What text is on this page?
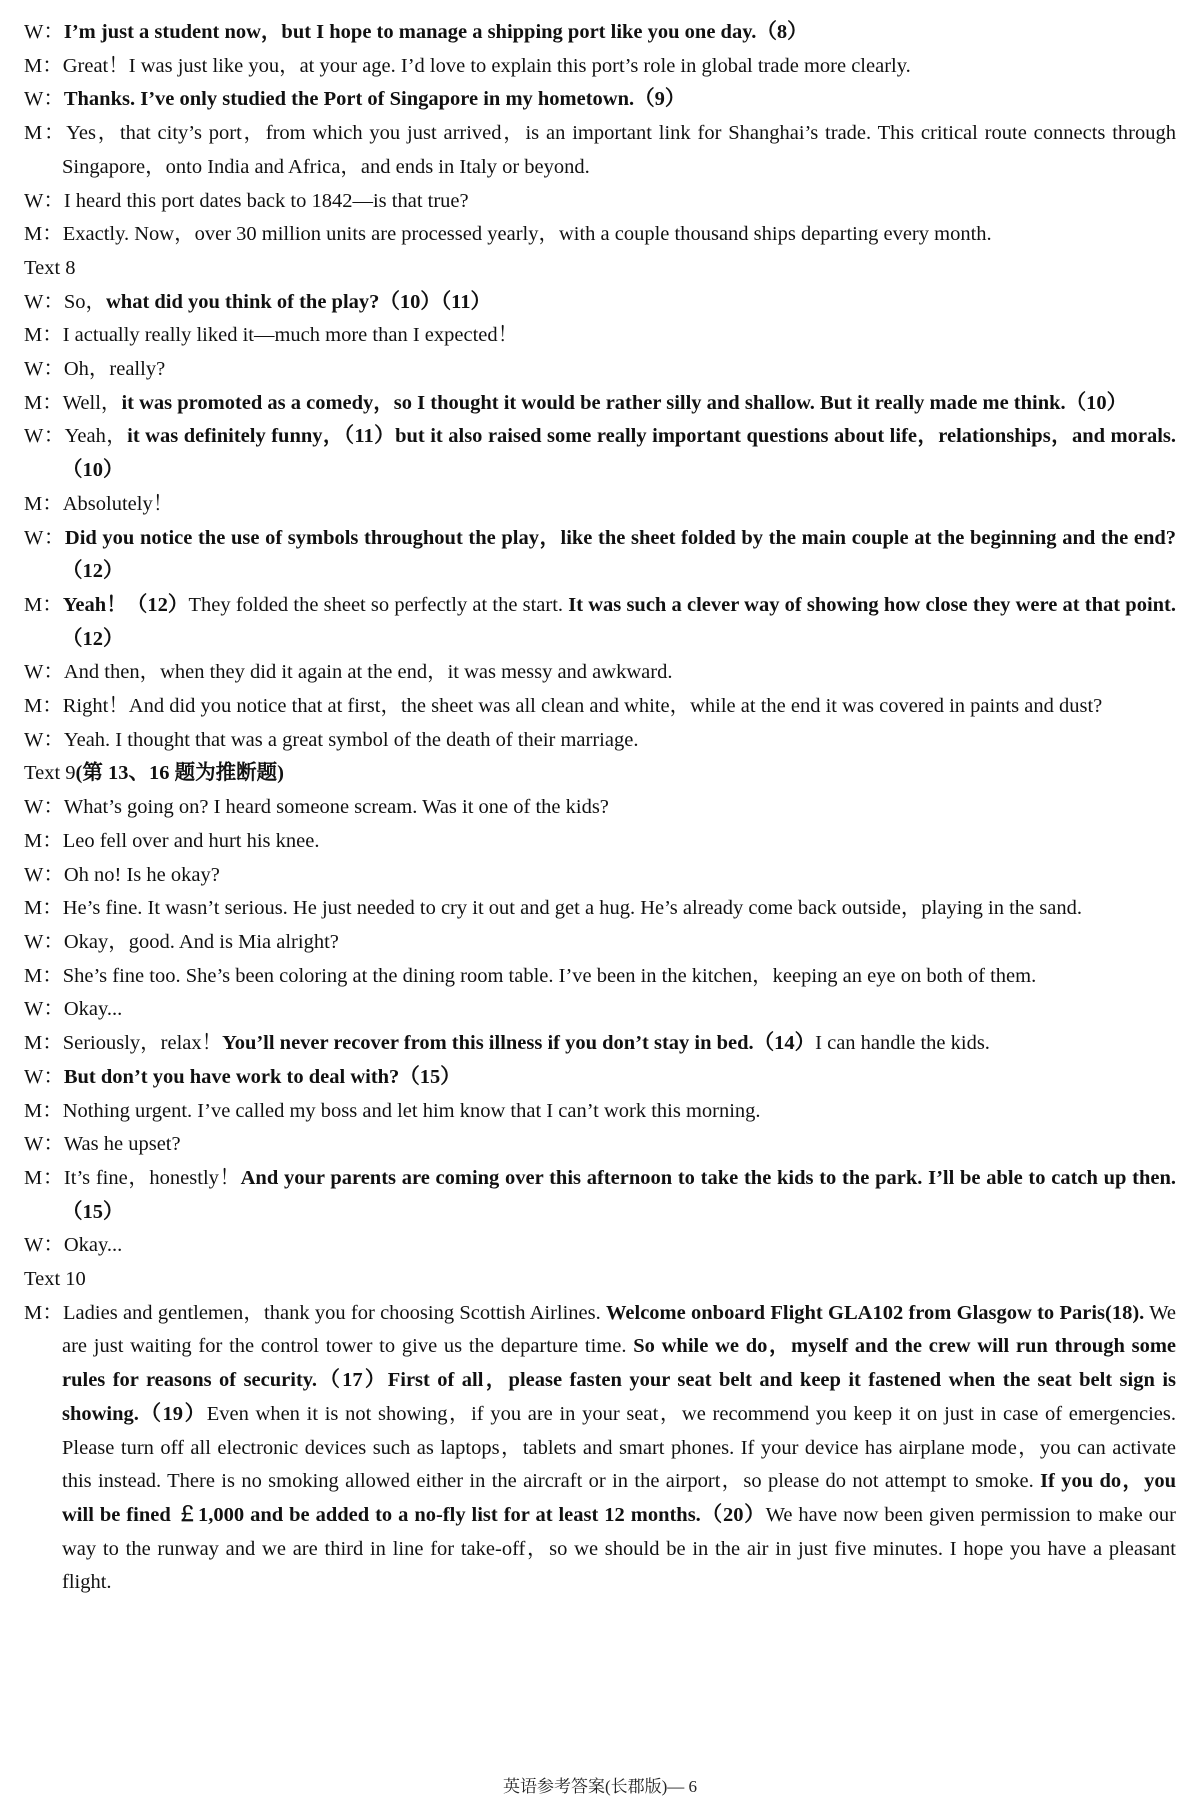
W：I’m just a student now，but I hope to manage a shipping port like you one day.（8）
M：Great！I was just like you，at your age. I’d love to explain this port’s role in global trade more clearly.
W：Thanks. I’ve only studied the Port of Singapore in my hometown.（9）
M：Yes，that city’s port，from which you just arrived，is an important link for Shanghai’s trade. This critical route connects through Singapore，onto India and Africa，and ends in Italy or beyond.
W：I heard this port dates back to 1842—is that true?
M：Exactly. Now，over 30 million units are processed yearly，with a couple thousand ships departing every month.
Text 8
W：So，what did you think of the play?（10）（11）
M：I actually really liked it—much more than I expected！
W：Oh，really?
M：Well，it was promoted as a comedy，so I thought it would be rather silly and shallow. But it really made me think.（10）
W：Yeah，it was definitely funny，（11）but it also raised some really important questions about life，relationships，and morals.（10）
M：Absolutely！
W：Did you notice the use of symbols throughout the play，like the sheet folded by the main couple at the beginning and the end?（12）
M：Yeah！（12）They folded the sheet so perfectly at the start. It was such a clever way of showing how close they were at that point.（12）
W：And then，when they did it again at the end，it was messy and awkward.
M：Right！And did you notice that at first，the sheet was all clean and white，while at the end it was covered in paints and dust?
W：Yeah. I thought that was a great symbol of the death of their marriage.
Text 9(第 13、16 题为推断题)
W：What’s going on? I heard someone scream. Was it one of the kids?
M：Leo fell over and hurt his knee.
W：Oh no! Is he okay?
M：He’s fine. It wasn’t serious. He just needed to cry it out and get a hug. He’s already come back outside，playing in the sand.
W：Okay，good. And is Mia alright?
M：She’s fine too. She’s been coloring at the dining room table. I’ve been in the kitchen，keeping an eye on both of them.
W：Okay...
M：Seriously，relax！You’ll never recover from this illness if you don’t stay in bed.（14）I can handle the kids.
W：But don’t you have work to deal with?（15）
M：Nothing urgent. I’ve called my boss and let him know that I can’t work this morning.
W：Was he upset?
M：It’s fine，honestly！And your parents are coming over this afternoon to take the kids to the park. I’ll be able to catch up then.（15）
W：Okay...
Text 10
M：Ladies and gentlemen，thank you for choosing Scottish Airlines. Welcome onboard Flight GLA102 from Glasgow to Paris(18). We are just waiting for the control tower to give us the departure time. So while we do，myself and the crew will run through some rules for reasons of security.（17）First of all，please fasten your seat belt and keep it fastened when the seat belt sign is showing.（19）Even when it is not showing，if you are in your seat，we recommend you keep it on just in case of emergencies. Please turn off all electronic devices such as laptops，tablets and smart phones. If your device has airplane mode，you can activate this instead. There is no smoking allowed either in the aircraft or in the airport，so please do not attempt to smoke. If you do，you will be fined ￡1,000 and be added to a no-fly list for at least 12 months.（20）We have now been given permission to make our way to the runway and we are third in line for take-off，so we should be in the air in just five minutes. I hope you have a pleasant flight.
英语参考答案(长郡版)— 6
